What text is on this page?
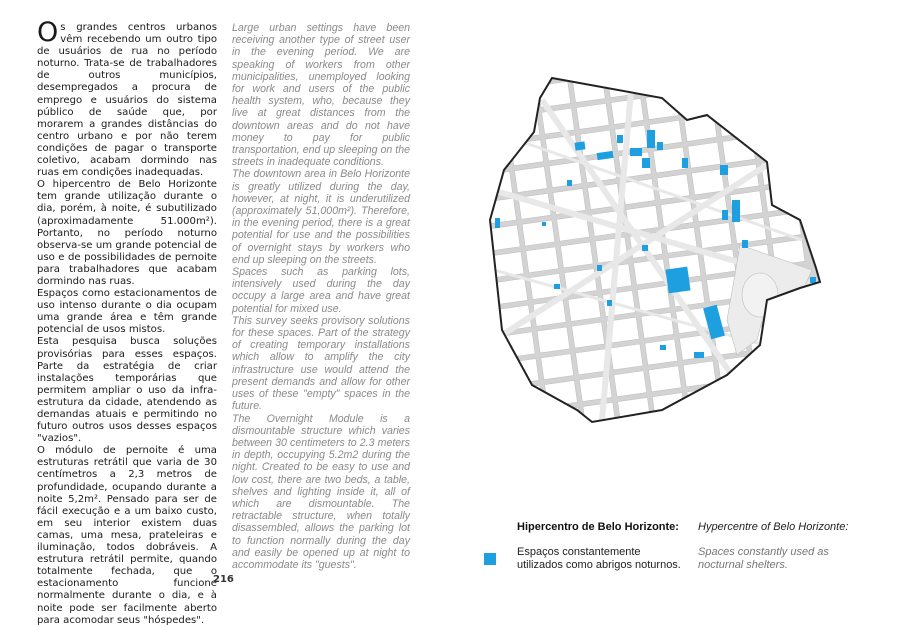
Os grandes centros urbanos vêm recebendo um outro tipo de usuários de rua no período noturno. Trata-se de trabalhadores de outros municípios, desempregados a procura de emprego e usuários do sistema público de saúde que, por morarem a grandes distâncias do centro urbano e por não terem condições de pagar o transporte coletivo, acabam dormindo nas ruas em condições inadequadas.

O hipercentro de Belo Horizonte tem grande utilização durante o dia, porém, à noite, é subutilizado (aproximadamente 51.000m²). Portanto, no período noturno observa-se um grande potencial de uso e de possibilidades de pernoite para trabalhadores que acabam dormindo nas ruas.

Espaços como estacionamentos de uso intenso durante o dia ocupam uma grande área e têm grande potencial de usos mistos.

Esta pesquisa busca soluções provisórias para esses espaços. Parte da estratégia de criar instalações temporárias que permitem ampliar o uso da infra-estrutura da cidade, atendendo as demandas atuais e permitindo no futuro outros usos desses espaços "vazios".

O módulo de pernoite é uma estruturas retrátil que varia de 30 centímetros a 2,3 metros de profundidade, ocupando durante a noite 5,2m². Pensado para ser de fácil execução e a um baixo custo, em seu interior existem duas camas, uma mesa, prateleiras e iluminação, todos dobráveis. A estrutura retrátil permite, quando totalmente fechada, que o estacionamento funcione normalmente durante o dia, e à noite pode ser facilmente aberto para acomodar seus "hóspedes".

Large urban settings have been receiving another type of street user in the evening period. We are speaking of workers from other municipalities, unemployed looking for work and users of the public health system, who, because they live at great distances from the downtown areas and do not have money to pay for public transportation, end up sleeping on the streets in inadequate conditions.

The downtown area in Belo Horizonte is greatly utilized during the day, however, at night, it is underutilized (approximately 51,000m²). Therefore, in the evening period, there is a great potential for use and the possibilities of overnight stays by workers who end up sleeping on the streets.

Spaces such as parking lots, intensively used during the day occupy a large area and have great potential for mixed use.

This survey seeks provisory solutions for these spaces. Part of the strategy of creating temporary installations which allow to amplify the city infrastructure use would attend the present demands and allow for other uses of these "empty" spaces in the future.

The Overnight Module is a dismountable structure which varies between 30 centimeters to 2.3 meters in depth, occupying 5.2m2 during the night. Created to be easy to use and low cost, there are two beds, a table, shelves and lighting inside it, all of which are dismountable. The retractable structure, when totally disassembled, allows the parking lot to function normally during the day and easily be opened up at night to accommodate its "guests".

216
Hipercentro de Belo Horizonte: Hypercentre of Belo Horizonte:
Espaços constantemente utilizados como abrigos noturnos.
Spaces constantly used as nocturnal shelters.
